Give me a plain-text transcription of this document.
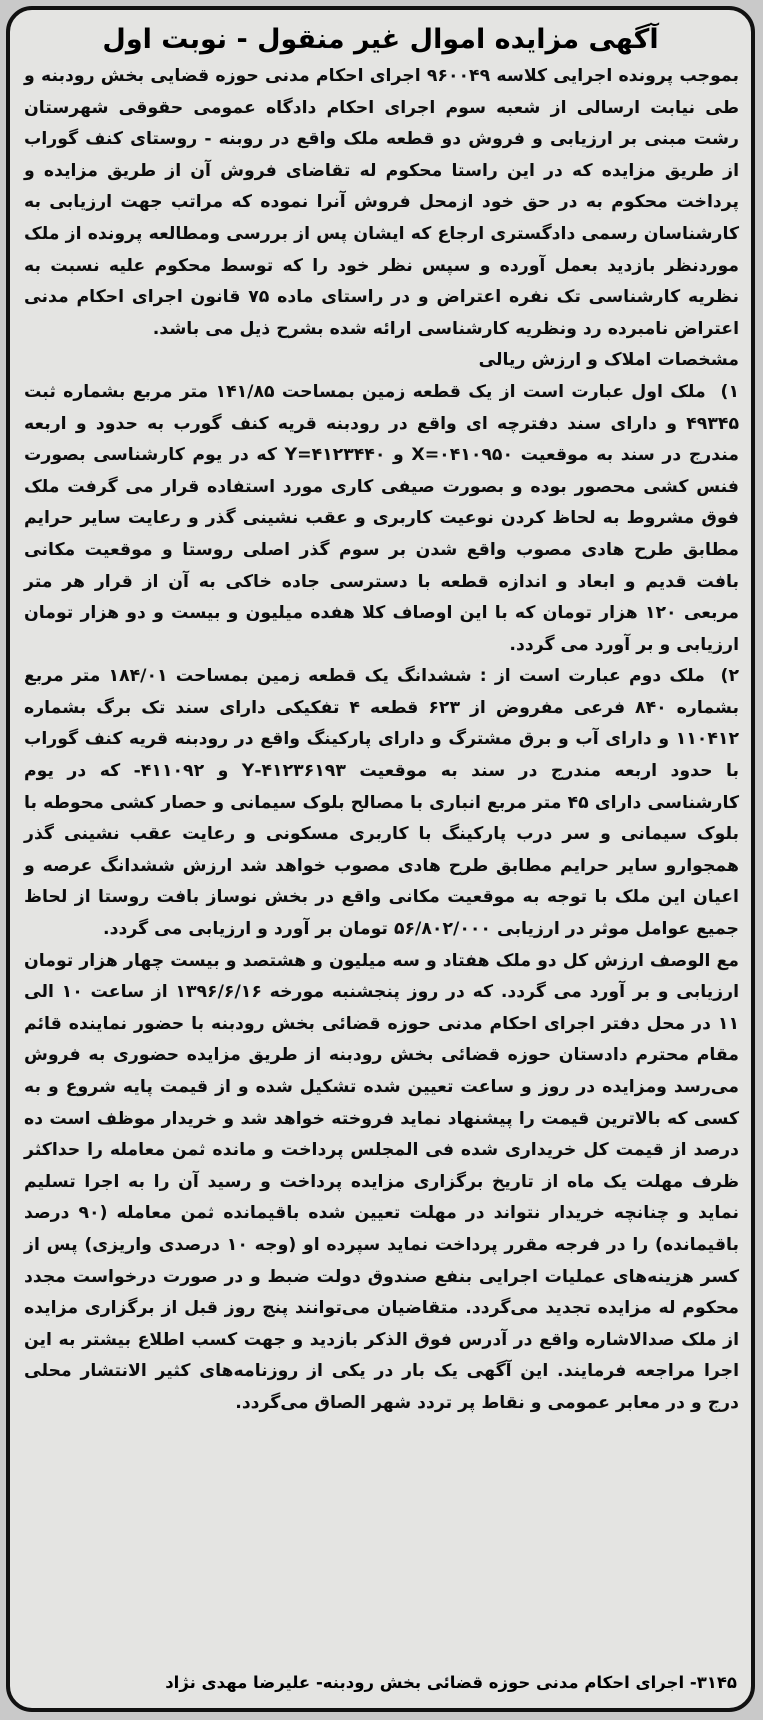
آگهی مزایده اموال غیر منقول - نوبت اول

بموجب پرونده اجرایی کلاسه ۹۶۰۰۴۹ اجرای احکام مدنی حوزه قضایی بخش رودبنه و طی نیابت ارسالی از شعبه سوم اجرای احکام دادگاه عمومی حقوقی شهرستان رشت مبنی بر ارزیابی و فروش دو قطعه ملک واقع در روبنه - روستای کنف گوراب از طریق مزایده که در این راستا محکوم له تقاضای فروش آن از طریق مزایده و پرداخت محکوم به در حق خود ازمحل فروش آنرا نموده که مراتب جهت ارزیابی به کارشناسان رسمی دادگستری ارجاع که ایشان پس از بررسی ومطالعه پرونده از ملک موردنظر بازدید بعمل آورده و سپس نظر خود را که توسط محکوم علیه نسبت به نظریه کارشناسی تک نفره اعتراض و در راستای ماده ۷۵ قانون اجرای احکام مدنی اعتراض نامبرده رد ونظریه کارشناسی ارائه شده بشرح ذیل می باشد.

مشخصات املاک و ارزش ریالی

۱) ملک اول عبارت است از یک قطعه زمین بمساحت ۱۴۱/۸۵ متر مربع بشماره ثبت ۴۹۳۴۵ و دارای سند دفترچه ای واقع در رودبنه قریه کنف گورب به حدود و اربعه مندرج در سند به موقعیت X=۰۴۱۰۹۵۰ و Y=۴۱۲۳۴۴۰ که در یوم کارشناسی بصورت فنس کشی محصور بوده و بصورت صیفی کاری مورد استفاده قرار می گرفت ملک فوق مشروط به لحاظ کردن نوعیت کاربری و عقب نشینی گذر و رعایت سایر حرایم مطابق طرح هادی مصوب واقع شدن بر سوم گذر اصلی روستا و موقعیت مکانی بافت قدیم و ابعاد و اندازه قطعه با دسترسی جاده خاکی به آن از قرار هر متر مربعی ۱۲۰ هزار تومان که با این اوصاف کلا هفده میلیون و بیست و دو هزار تومان ارزیابی و بر آورد می گردد.

۲) ملک دوم عبارت است از : ششدانگ یک قطعه زمین بمساحت ۱۸۴/۰۱ متر مربع بشماره ۸۴۰ فرعی مفروض از ۶۲۳ قطعه ۴ تفکیکی دارای سند تک برگ بشماره ۱۱۰۴۱۲ و دارای آب و برق مشترگ و دارای پارکینگ واقع در رودبنه قریه کنف گوراب با حدود اربعه مندرج در سند به موقعیت ۴۱۲۳۶۱۹۳-Y و ۴۱۱۰۹۲- که در یوم کارشناسی دارای ۴۵ متر مربع انباری با مصالح بلوک سیمانی و حصار کشی محوطه با بلوک سیمانی و سر درب پارکینگ با کاربری مسکونی و رعایت عقب نشینی گذر همجوارو سایر حرایم مطابق طرح هادی مصوب خواهد شد ارزش ششدانگ عرصه و اعیان این ملک با توجه به موقعیت مکانی واقع در بخش نوساز بافت روستا از لحاظ جمیع عوامل موثر در ارزیابی ۵۶/۸۰۲/۰۰۰ تومان بر آورد و ارزیابی می گردد.

مع الوصف ارزش کل دو ملک هفتاد و سه میلیون و هشتصد و بیست چهار هزار تومان ارزیابی و بر آورد می گردد. که در روز پنجشنبه مورخه ۱۳۹۶/۶/۱۶ از ساعت ۱۰ الی ۱۱ در محل دفتر اجرای احکام مدنی حوزه قضائی بخش رودبنه با حضور نماینده قائم مقام محترم دادستان حوزه قضائی بخش رودبنه از طریق مزایده حضوری به فروش می‌رسد ومزایده در روز و ساعت تعیین شده تشکیل شده و از قیمت پایه شروع و به کسی که بالاترین قیمت را پیشنهاد نماید فروخته خواهد شد و خریدار موظف است ده درصد از قیمت کل خریداری شده فی المجلس پرداخت و مانده ثمن معامله را حداکثر ظرف مهلت یک ماه از تاریخ برگزاری مزایده پرداخت و رسید آن را به اجرا تسلیم نماید و چنانچه خریدار نتواند در مهلت تعیین شده باقیمانده ثمن معامله (۹۰ درصد باقیمانده) را در فرجه مقرر پرداخت نماید سپرده او (وجه ۱۰ درصدی واریزی) پس از کسر هزینه‌های عملیات اجرایی بنفع صندوق دولت ضبط و در صورت درخواست مجدد محکوم له مزایده تجدید می‌گردد. متقاضیان می‌توانند پنج روز قبل از برگزاری مزایده از ملک صدالاشاره واقع در آدرس فوق الذکر بازدید و جهت کسب اطلاع بیشتر به این اجرا مراجعه فرمایند. این آگهی یک بار در یکی از روزنامه‌های کثیر الانتشار محلی درج و در معابر عمومی و نقاط پر تردد شهر الصاق می‌گردد.

۳۱۴۵- اجرای احکام مدنی حوزه قضائی بخش رودبنه- علیرضا مهدی نژاد
